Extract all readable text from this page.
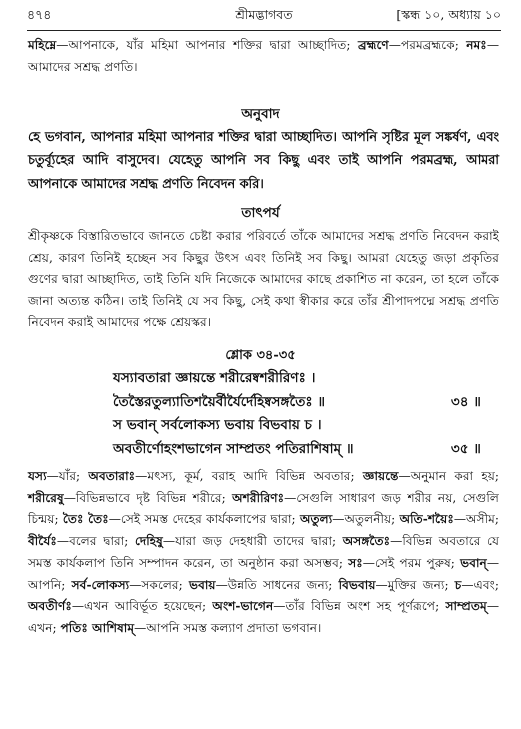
৪৭৪	শ্রীমদ্ভাগবত	[স্কন্ধ ১০, অধ্যায় ১০

মহিম্নে—আপনাকে, যাঁর মহিমা আপনার শক্তির দ্বারা আচ্ছাদিত; ব্রহ্মণে—পরমব্রহ্মকে; নমঃ—আমাদের সশ্রদ্ধ প্রণতি।

অনুবাদ

হে ভগবান, আপনার মহিমা আপনার শক্তির দ্বারা আচ্ছাদিত। আপনি সৃষ্টির মূল সঙ্কর্ষণ, এবং চতুর্ব্যূহের আদি বাসুদেব। যেহেতু আপনি সব কিছু এবং তাই আপনি পরমব্রহ্ম, আমরা আপনাকে আমাদের সশ্রদ্ধ প্রণতি নিবেদন করি।

তাৎপর্য

শ্রীকৃষ্ণকে বিস্তারিতভাবে জানতে চেষ্টা করার পরিবর্তে তাঁকে আমাদের সশ্রদ্ধ প্রণতি নিবেদন করাই শ্রেয়, কারণ তিনিই হচ্ছেন সব কিছুর উৎস এবং তিনিই সব কিছু। আমরা যেহেতু জড়া প্রকৃতির গুণের দ্বারা আচ্ছাদিত, তাই তিনি যদি নিজেকে আমাদের কাছে প্রকাশিত না করেন, তা হলে তাঁকে জানা অত্যন্ত কঠিন। তাই তিনিই যে সব কিছু, সেই কথা স্বীকার করে তাঁর শ্রীপাদপদ্মে সশ্রদ্ধ প্রণতি নিবেদন করাই আমাদের পক্ষে শ্রেয়স্কর।

শ্লোক ৩৪-৩৫
যস্যাবতারা জ্ঞায়ন্তে শরীরেষ্বশরীরিণঃ ।
তৈস্তৈরতুল্যাতিশয়ৈর্বীর্যৈর্দেহিষ্বসঙ্গতৈঃ ॥	৩৪ ॥
স ভবান্ সর্বলোকস্য ভবায় বিভবায় চ ।
অবতীর্ণোহংশভাগেন সাম্প্রতং পতিরাশিষাম্ ॥	৩৫ ॥

যস্য—যাঁর; অবতারাঃ—মৎস্য, কূর্ম, বরাহ আদি বিভিন্ন অবতার; জ্ঞায়ন্তে—অনুমান করা হয়; শরীরেষু—বিভিন্নভাবে দৃষ্ট বিভিন্ন শরীরে; অশরীরিণঃ—সেগুলি সাধারণ জড় শরীর নয়, সেগুলি চিন্ময়; তৈঃ তৈঃ—সেই সমস্ত দেহের কার্যকলাপের দ্বারা; অতুল্য—অতুলনীয়; অতি-শয়ৈঃ—অসীম; বীর্যৈঃ—বলের দ্বারা; দেহিষু—যারা জড় দেহধারী তাদের দ্বারা; অসঙ্গতৈঃ—বিভিন্ন অবতারে যে সমস্ত কার্যকলাপ তিনি সম্পাদন করেন, তা অনুষ্ঠান করা অসম্ভব; সঃ—সেই পরম পুরুষ; ভবান্—আপনি; সর্ব-লোকস্য—সকলের; ভবায়—উন্নতি সাধনের জন্য; বিভবায়—মুক্তির জন্য; চ—এবং; অবতীর্ণঃ—এখন আবির্ভূত হয়েছেন; অংশ-ভাগেন—তাঁর বিভিন্ন অংশ সহ পূর্ণরূপে; সাম্প্রতম্—এখন; পতিঃ আশিষাম্—আপনি সমস্ত কল্যাণ প্রদাতা ভগবান।
